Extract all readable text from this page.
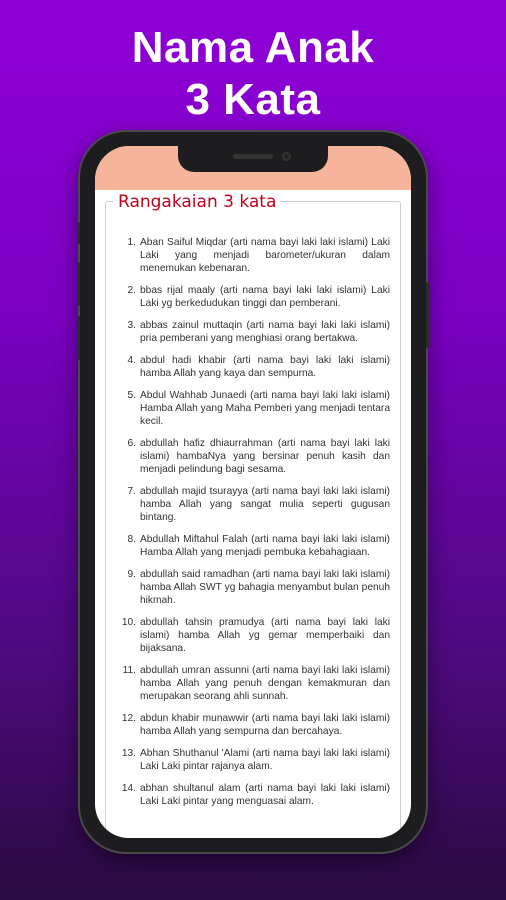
Nama Anak
3 Kata
Rangakaian 3 kata
1. Aban Saiful Miqdar (arti nama bayi laki laki islami) Laki Laki yang menjadi barometer/ukuran dalam menemukan kebenaran.
2. bbas rijal maaly (arti nama bayi laki laki islami) Laki Laki yg berkedudukan tinggi dan pemberani.
3. abbas zainul muttaqin (arti nama bayi laki laki islami) pria pemberani yang menghiasi orang bertakwa.
4. abdul hadi khabir (arti nama bayi laki laki islami) hamba Allah yang kaya dan sempurna.
5. Abdul Wahhab Junaedi (arti nama bayi laki laki islami) Hamba Allah yang Maha Pemberi yang menjadi tentara kecil.
6. abdullah hafiz dhiaurrahman (arti nama bayi laki laki islami) hambaNya yang bersinar penuh kasih dan menjadi pelindung bagi sesama.
7. abdullah majid tsurayya (arti nama bayi laki laki islami) hamba Allah yang sangat mulia seperti gugusan bintang.
8. Abdullah Miftahul Falah (arti nama bayi laki laki islami) Hamba Allah yang menjadi pembuka kebahagiaan.
9. abdullah said ramadhan (arti nama bayi laki laki islami) hamba Allah SWT yg bahagia menyambut bulan penuh hikmah.
10. abdullah tahsin pramudya (arti nama bayi laki laki islami) hamba Allah yg gemar memperbaiki dan bijaksana.
11. abdullah umran assunni (arti nama bayi laki laki islami) hamba Allah yang penuh dengan kemakmuran dan merupakan seorang ahli sunnah.
12. abdun khabir munawwir (arti nama bayi laki laki islami) hamba Allah yang sempurna dan bercahaya.
13. Abhan Shuthanul 'Alami (arti nama bayi laki laki islami) Laki Laki pintar rajanya alam.
14. abhan shultanul alam (arti nama bayi laki laki islami) Laki Laki pintar yang menguasai alam.
